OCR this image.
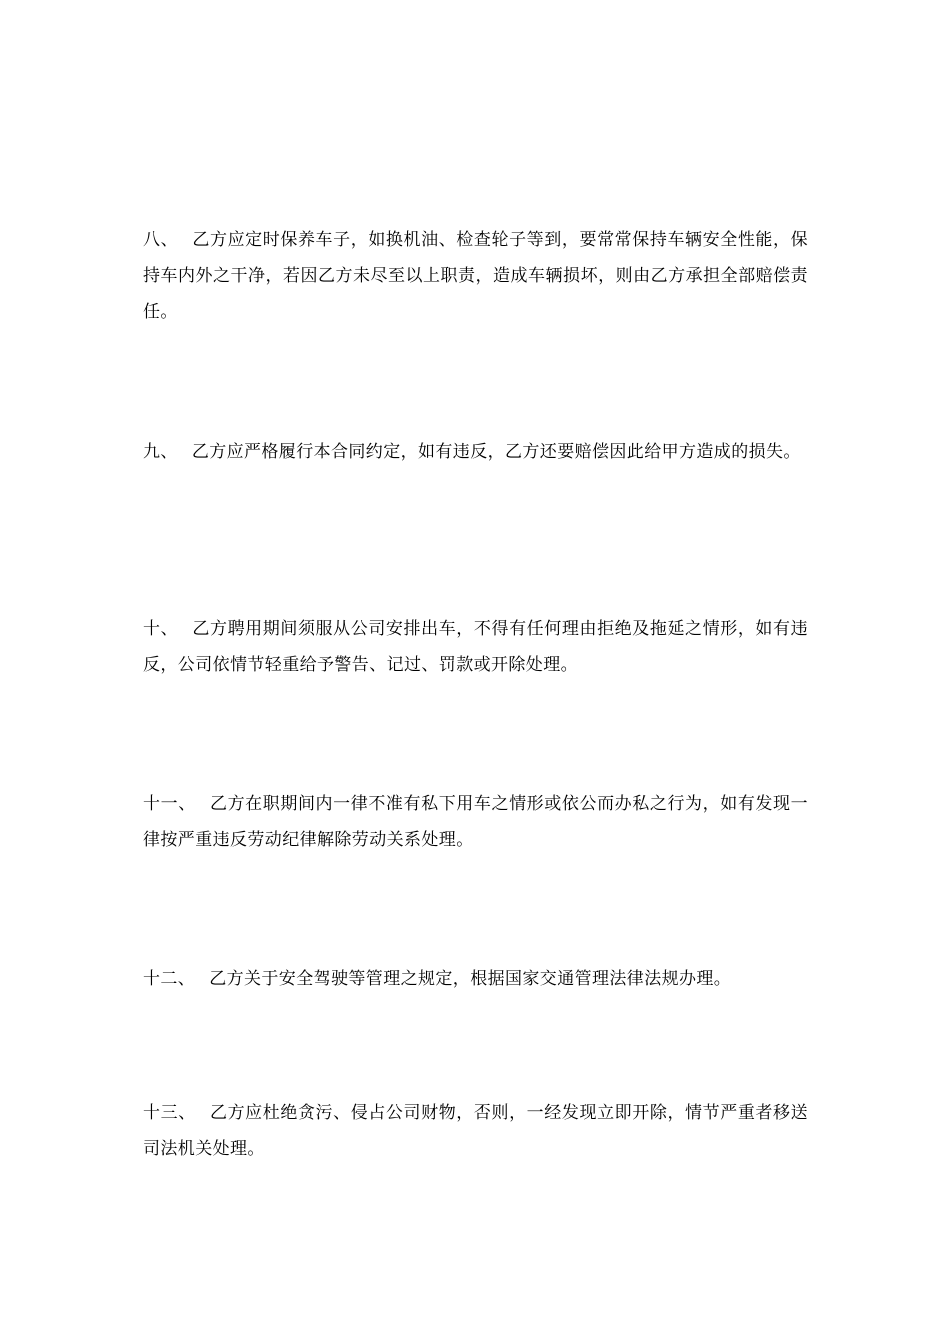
八、 乙方应定时保养车子，如换机油、检查轮子等到，要常常保持车辆安全性能，保持车内外之干净，若因乙方未尽至以上职责，造成车辆损坏，则由乙方承担全部赔偿责任。

九、 乙方应严格履行本合同约定，如有违反，乙方还要赔偿因此给甲方造成的损失。

十、 乙方聘用期间须服从公司安排出车，不得有任何理由拒绝及拖延之情形，如有违反，公司依情节轻重给予警告、记过、罚款或开除处理。

十一、 乙方在职期间内一律不准有私下用车之情形或依公而办私之行为，如有发现一律按严重违反劳动纪律解除劳动关系处理。

十二、 乙方关于安全驾驶等管理之规定，根据国家交通管理法律法规办理。

十三、 乙方应杜绝贪污、侵占公司财物，否则，一经发现立即开除，情节严重者移送司法机关处理。
